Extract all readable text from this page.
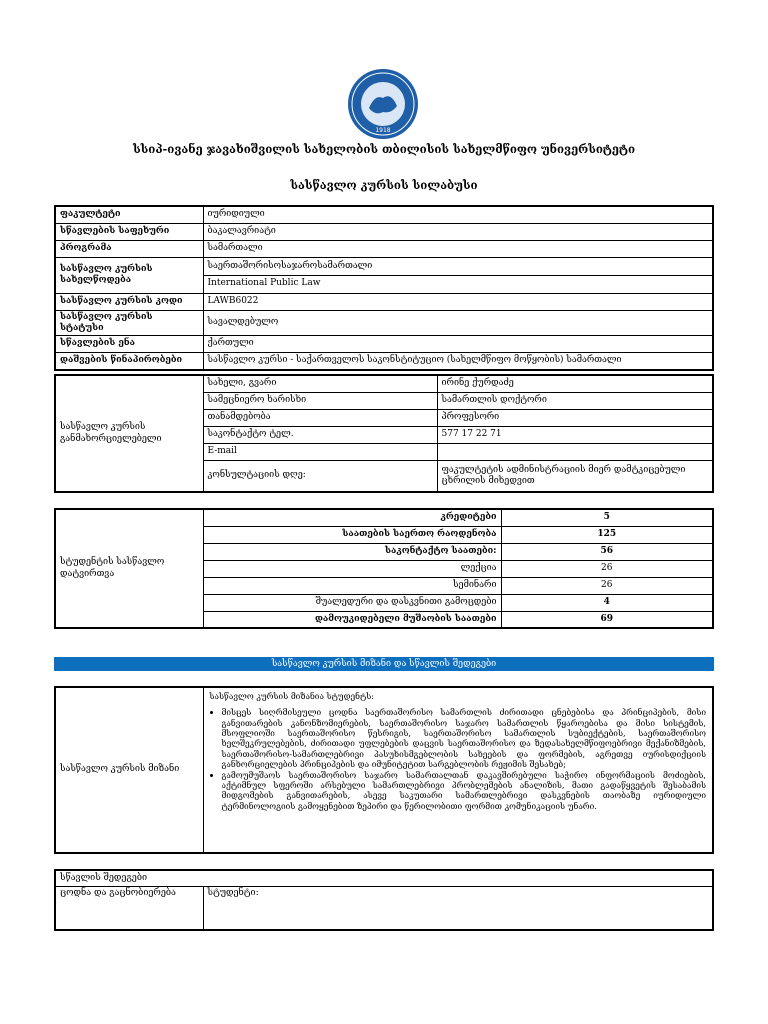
1918
სსიპ-ივანე ჯავახიშვილის სახელობის თბილისის სახელმწიფო უნივერსიტეტი
სასწავლო კურსის სილაბუსი
ფაკულტეტი	იურიდიული
სწავლების საფეხური	ბაკალავრიატი
პროგრამა	სამართალი
სასწავლო კურსის სახელწოდება	საერთაშორისოსაჯაროსამართალი
International Public Law

სასწავლო კურსის კოდი	LAWB6022
სასწავლო კურსის სტატუსი	სავალდებულო
სწავლების ენა	ქართული
დაშვების წინაპირობები	სასწავლო კურსი - საქართველოს საკონსტიტუციო (სახელმწიფო მოწყობის) სამართალი
სასწავლო კურსის განმახორციელებელი	სახელი, გვარი	ირინე ქურდაძე
	სამეცნიერო ხარისხი	სამართლის დოქტორი
	თანამდებობა	პროფესორი
	საკონტაქტო ტელ.	577 17 22 71
	E-mail	
	კონსულტაციის დღე:	ფაკულტეტის ადმინისტრაციის მიერ დამტკიცებული ცხრილის მიხედვით
სტუდენტის სასწავლო დატვირთვა	კრედიტები	5
	საათების საერთო რაოდენობა	125
	საკონტაქტო საათები:	56
	ლექცია	26
	სემინარი	26
	შუალედური და დასკვნითი გამოცდები	4
	დამოუკიდებელი მუშაობის საათები	69
სასწავლო კურსის მიზანი და სწავლის შედეგები
სასწავლო კურსის მიზანი	
სასწავლო კურსის მიზანია სტუდენტს:
• მისცეს სიღრმისეული ცოდნა საერთაშორისო სამართლის ძირითადი ცნებებისა და პრინციპების, მისი განვითარების კანონზომიერების, საერთაშორისო საჯარო სამართლის წყაროებისა და მისი სისტემის, მსოფლიოში საერთაშორისო წესრიგის, საერთაშორისო სამართლის სუბიექტების, საერთაშორისო ხელშეკრულებების, ძირითადი უფლებების დაცვის საერთაშორისო და ზედასახელმწიფოებრივი მექანიზმების, საერთაშორისო-სამართლებრივი პასუხისმგებლობის სახეების და ფორმების, აგრეთვე იურისდიქციის განხორციელების პრინციპების და იმუნიტეტით სარგებლობის რეჟიმის შესახებ;
• გამოუმუშაოს საერთაშორისო საჯარო სამართალთან დაკავშირებული საჭირო ინფორმაციის მოძიების, აქტიმნულ სფეროში არსებული სამართლებრივი პრობლემების ანალიზის, მათი გადაწყვეტის შესაბამის მიდგომების განვითარების, ასევე საკუთარი სამართლებრივი დასკვნების თაობაზე იურიდიული ტერმინოლოგიის გამოყენებით ზეპირი და წერილობითი ფორმით კომუნიკაციის უნარი.
სწავლის შედეგები
ცოდნა და გაცნობიერება	სტუდენტი:
